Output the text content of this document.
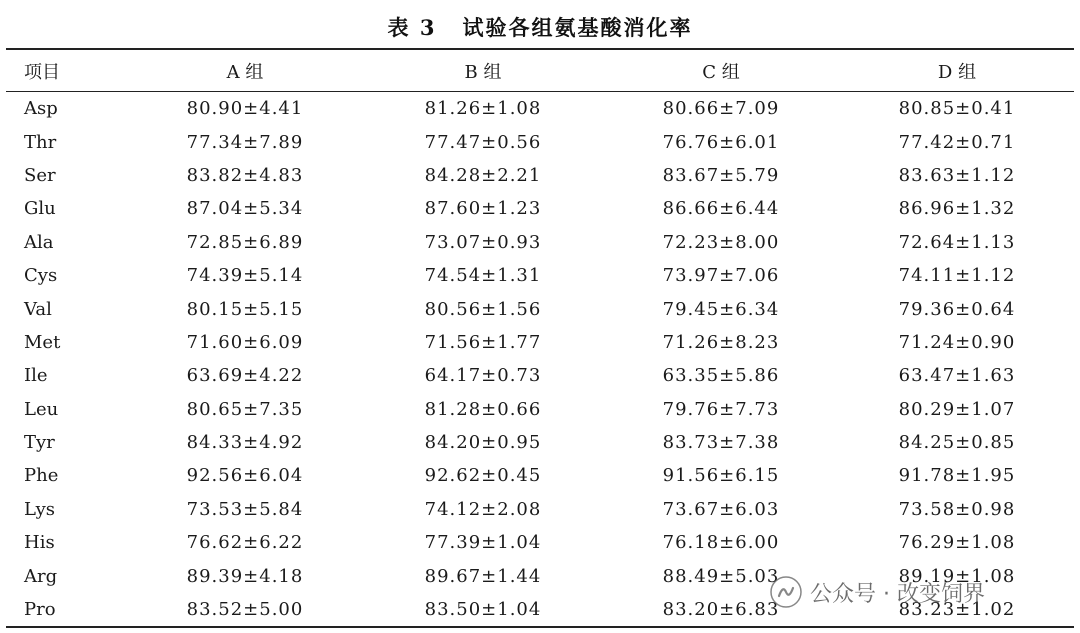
表 3 试验各组氨基酸消化率
项目	A 组	B 组	C 组	D 组
Asp	80.90±4.41	81.26±1.08	80.66±7.09	80.85±0.41
Thr	77.34±7.89	77.47±0.56	76.76±6.01	77.42±0.71
Ser	83.82±4.83	84.28±2.21	83.67±5.79	83.63±1.12
Glu	87.04±5.34	87.60±1.23	86.66±6.44	86.96±1.32
Ala	72.85±6.89	73.07±0.93	72.23±8.00	72.64±1.13
Cys	74.39±5.14	74.54±1.31	73.97±7.06	74.11±1.12
Val	80.15±5.15	80.56±1.56	79.45±6.34	79.36±0.64
Met	71.60±6.09	71.56±1.77	71.26±8.23	71.24±0.90
Ile	63.69±4.22	64.17±0.73	63.35±5.86	63.47±1.63
Leu	80.65±7.35	81.28±0.66	79.76±7.73	80.29±1.07
Tyr	84.33±4.92	84.20±0.95	83.73±7.38	84.25±0.85
Phe	92.56±6.04	92.62±0.45	91.56±6.15	91.78±1.95
Lys	73.53±5.84	74.12±2.08	73.67±6.03	73.58±0.98
His	76.62±6.22	77.39±1.04	76.18±6.00	76.29±1.08
Arg	89.39±4.18	89.67±1.44	88.49±5.03	89.19±1.08
Pro	83.52±5.00	83.50±1.04	83.20±6.83	83.23±1.02
公众号 · 改变饲界
